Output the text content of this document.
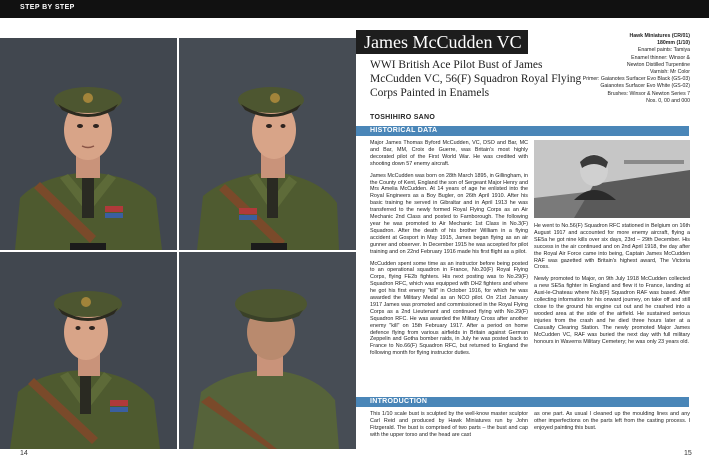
STEP BY STEP
14
James McCudden VC
WWI British Ace Pilot Bust of James McCudden VC, 56(F) Squadron Royal Flying Corps Painted in Enamels
Hawk Miniatures (CR/01)
180mm (1/10)
Enamel paints: Tamiya
Enamel thinner: Winsor &
Newton Distilled Turpentine
Varnish: Mr Color
Primer: Gaianotes Surfacer Evo Black (GS-03)
Gaianotes Surfacer Evo White (GS-02)
Brushes: Winsor & Newton Series 7
Nos. 0, 00 and 000
TOSHIHIRO SANO
HISTORICAL DATA

Major James Thomas Byford McCudden, VC, DSO and Bar, MC and Bar, MM, Croix de Guerre, was Britain's most highly decorated pilot of the First World War. He was credited with shooting down 57 enemy aircraft.

James McCudden was born on 28th March 1895, in Gillingham, in the County of Kent, England the son of Sergeant Major Henry and Mrs Amelia McCudden. At 14 years of age he enlisted into the Royal Engineers as a Boy Bugler, on 26th April 1910. After his basic training he served in Gibraltar and in April 1913 he was transferred to the newly formed Royal Flying Corps as an Air Mechanic 2nd Class and posted to Farnborough. The following year he was promoted to Air Mechanic 1st Class in No.3(F) Squadron. After the death of his brother William in a flying accident at Gosport in May 1915, James began flying as an air gunner and observer. In December 1915 he was accepted for pilot training and on 22nd February 1916 made his first flight as a pilot.

McCudden spent some time as an instructor before being posted to an operational squadron in France, No.20(F) Royal Flying Corps, flying FE2b fighters. His next posting was to No.29(F) Squadron RFC, which was equipped with DH2 fighters and where he got his first enemy "kill" in October 1916, for which he was awarded the Military Medal as an NCO pilot. On 21st January 1917 James was promoted and commissioned in the Royal Flying Corps as a 2nd Lieutenant and continued flying with No.29(F) Squadron RFC. He was awarded the Military Cross after another enemy "kill" on 15th February 1917. After a period on home defence flying from various airfields in Britain against German Zeppelin and Gotha bomber raids, in July he was posted back to France to No.66(F) Squadron RFC, but returned to England the following month for flying instructor duties.

He went to No.56(F) Squadron RFC stationed in Belgium on 16th August 1917 and accounted for more enemy aircraft, flying a SE5a he got nine kills over six days, 23rd – 29th December. His success in the air continued and on 2nd April 1918, the day after the Royal Air Force came into being, Captain James McCudden RAF was gazetted with Britain's highest award, The Victoria Cross.

Newly promoted to Major, on 9th July 1918 McCudden collected a new SE5a fighter in England and flew it to France, landing at Auxi-le-Chateau where No.8(F) Squadron RAF was based. After collecting information for his onward journey, on take off and still close to the ground his engine cut out and he crashed into a wooded area at the side of the airfield. He sustained serious injuries from the crash and he died three hours later at a Casualty Clearing Station. The newly promoted Major James McCudden VC, RAF was buried the next day with full military honours in Waverns Military Cemetery; he was only 23 years old.

INTRODUCTION

This 1/10 scale bust is sculpted by the well-know master sculptor Carl Reid and produced by Hawk Miniatures run by John Fitzgerald. The bust is comprised of two parts – the bust and cap with the upper torso and the head are cast

as one part. As usual I cleaned up the moulding lines and any other imperfections on the parts left from the casting process. I enjoyed painting this bust.

15
